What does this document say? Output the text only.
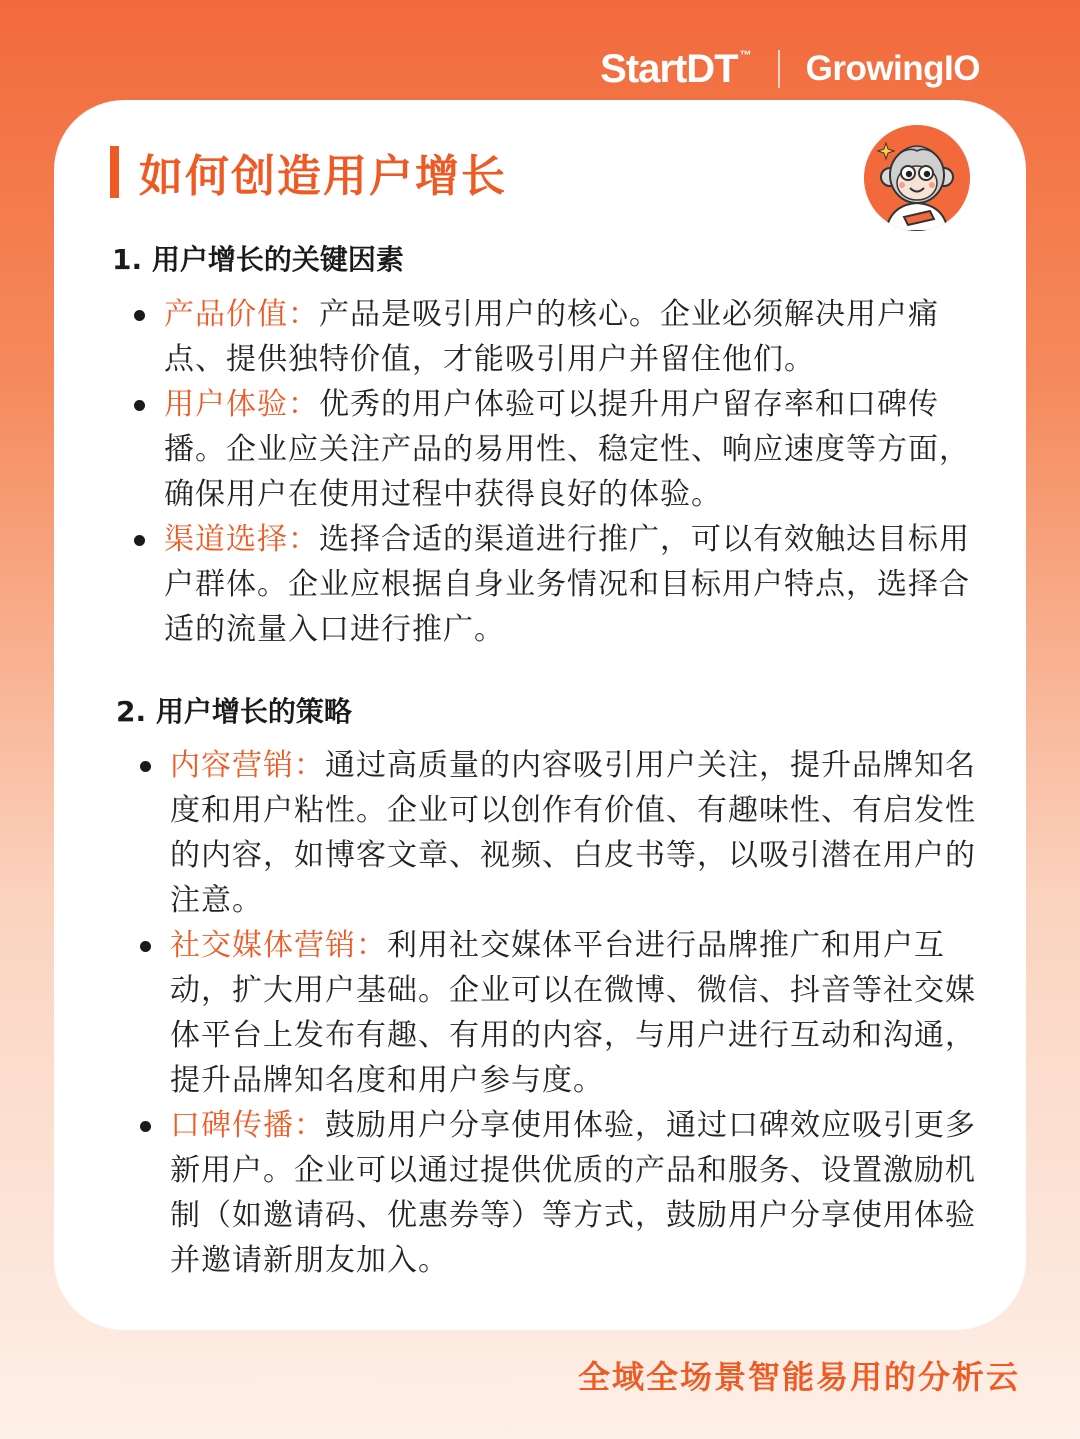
StartDT ™ GrowingIO
如何创造用户增长
1. 用户增长的关键因素
产品价值：产品是吸引用户的核心。企业必须解决用户痛点、提供独特价值，才能吸引用户并留住他们。
用户体验：优秀的用户体验可以提升用户留存率和口碑传播。企业应关注产品的易用性、稳定性、响应速度等方面，确保用户在使用过程中获得良好的体验。
渠道选择：选择合适的渠道进行推广，可以有效触达目标用户群体。企业应根据自身业务情况和目标用户特点，选择合适的流量入口进行推广。
2. 用户增长的策略
内容营销：通过高质量的内容吸引用户关注，提升品牌知名度和用户粘性。企业可以创作有价值、有趣味性、有启发性的内容，如博客文章、视频、白皮书等，以吸引潜在用户的注意。
社交媒体营销：利用社交媒体平台进行品牌推广和用户互动，扩大用户基础。企业可以在微博、微信、抖音等社交媒体平台上发布有趣、有用的内容，与用户进行互动和沟通，提升品牌知名度和用户参与度。
口碑传播：鼓励用户分享使用体验，通过口碑效应吸引更多新用户。企业可以通过提供优质的产品和服务、设置激励机制（如邀请码、优惠券等）等方式，鼓励用户分享使用体验并邀请新朋友加入。
全域全场景智能易用的分析云
